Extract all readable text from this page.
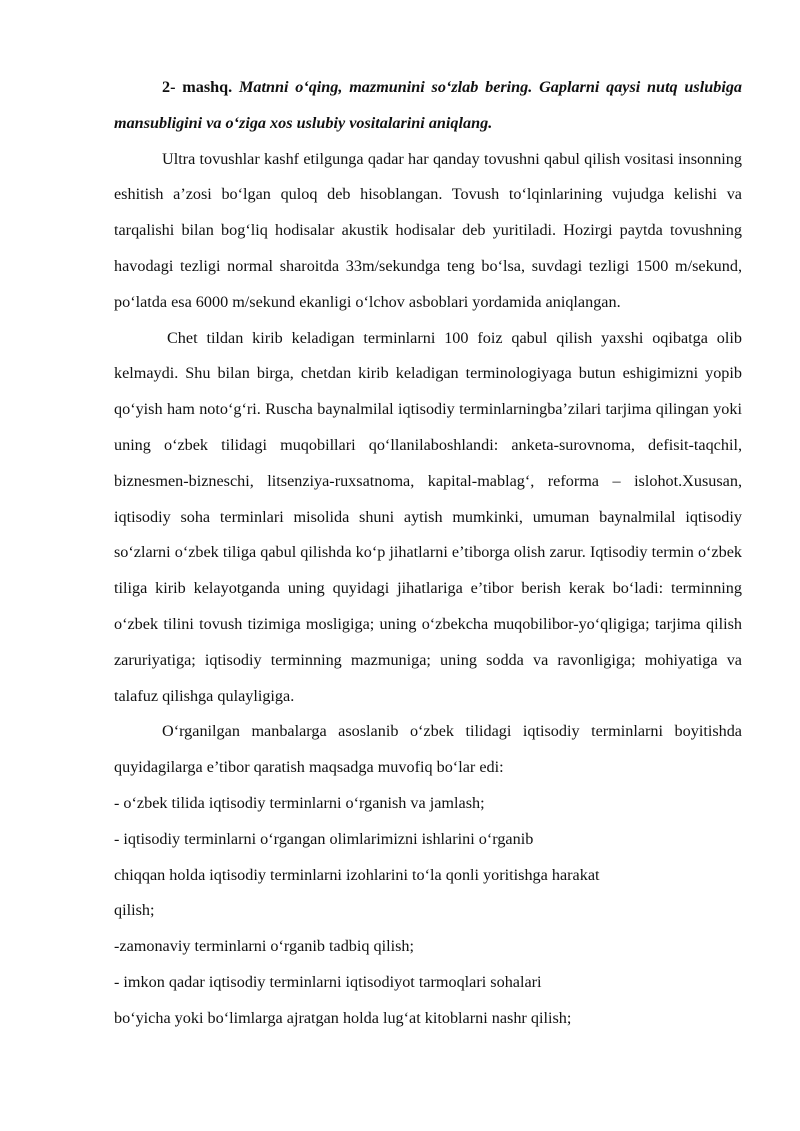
2- mashq. Matnni o‘qing, mazmunini so‘zlab bering. Gaplarni qaysi nutq uslubiga mansubligini va o‘ziga xos uslubiy vositalarini aniqlang.

Ultra tovushlar kashf etilgunga qadar har qanday tovushni qabul qilish vositasi insonning eshitish a’zosi bo‘lgan quloq deb hisoblangan. Tovush to‘lqinlarining vujudga kelishi va tarqalishi bilan bog‘liq hodisalar akustik hodisalar deb yuritiladi. Hozirgi paytda tovushning havodagi tezligi normal sharoitda 33m/sekundga teng bo‘lsa, suvdagi tezligi 1500 m/sekund, po‘latda esa 6000 m/sekund ekanligi o‘lchov asboblari yordamida aniqlangan.

Chet tildan kirib keladigan terminlarni 100 foiz qabul qilish yaxshi oqibatga olib kelmaydi. Shu bilan birga, chetdan kirib keladigan terminologiyaga butun eshigimizni yopib qo‘yish ham noto‘g‘ri. Ruscha baynalmilal iqtisodiy terminlarningba’zilari tarjima qilingan yoki uning o‘zbek tilidagi muqobillari qo‘llanilaboshlandi: anketa-surovnoma, defisit-taqchil, biznesmen-bizneschi, litsenziya-ruxsatnoma, kapital-mablag‘, reforma – islohot.Xususan, iqtisodiy soha terminlari misolida shuni aytish mumkinki, umuman baynalmilal iqtisodiy so‘zlarni o‘zbek tiliga qabul qilishda ko‘p jihatlarni e’tiborga olish zarur. Iqtisodiy termin o‘zbek tiliga kirib kelayotganda uning quyidagi jihatlariga e’tibor berish kerak bo‘ladi: terminning o‘zbek tilini tovush tizimiga mosligiga; uning o‘zbekcha muqobilibor-yo‘qligiga; tarjima qilish zaruriyatiga; iqtisodiy terminning mazmuniga; uning sodda va ravonligiga; mohiyatiga va talafuz qilishga qulayligiga.

O‘rganilgan manbalarga asoslanib o‘zbek tilidagi iqtisodiy terminlarni boyitishda quyidagilarga e’tibor qaratish maqsadga muvofiq bo‘lar edi:

- o‘zbek tilida iqtisodiy terminlarni o‘rganish va jamlash;

- iqtisodiy terminlarni o‘rgangan olimlarimizni ishlarini o‘rganib

chiqqan holda iqtisodiy terminlarni izohlarini to‘la qonli yoritishga harakat

qilish;

-zamonaviy terminlarni o‘rganib tadbiq qilish;

- imkon qadar iqtisodiy terminlarni iqtisodiyot tarmoqlari sohalari

bo‘yicha yoki bo‘limlarga ajratgan holda lug‘at kitoblarni nashr qilish;
